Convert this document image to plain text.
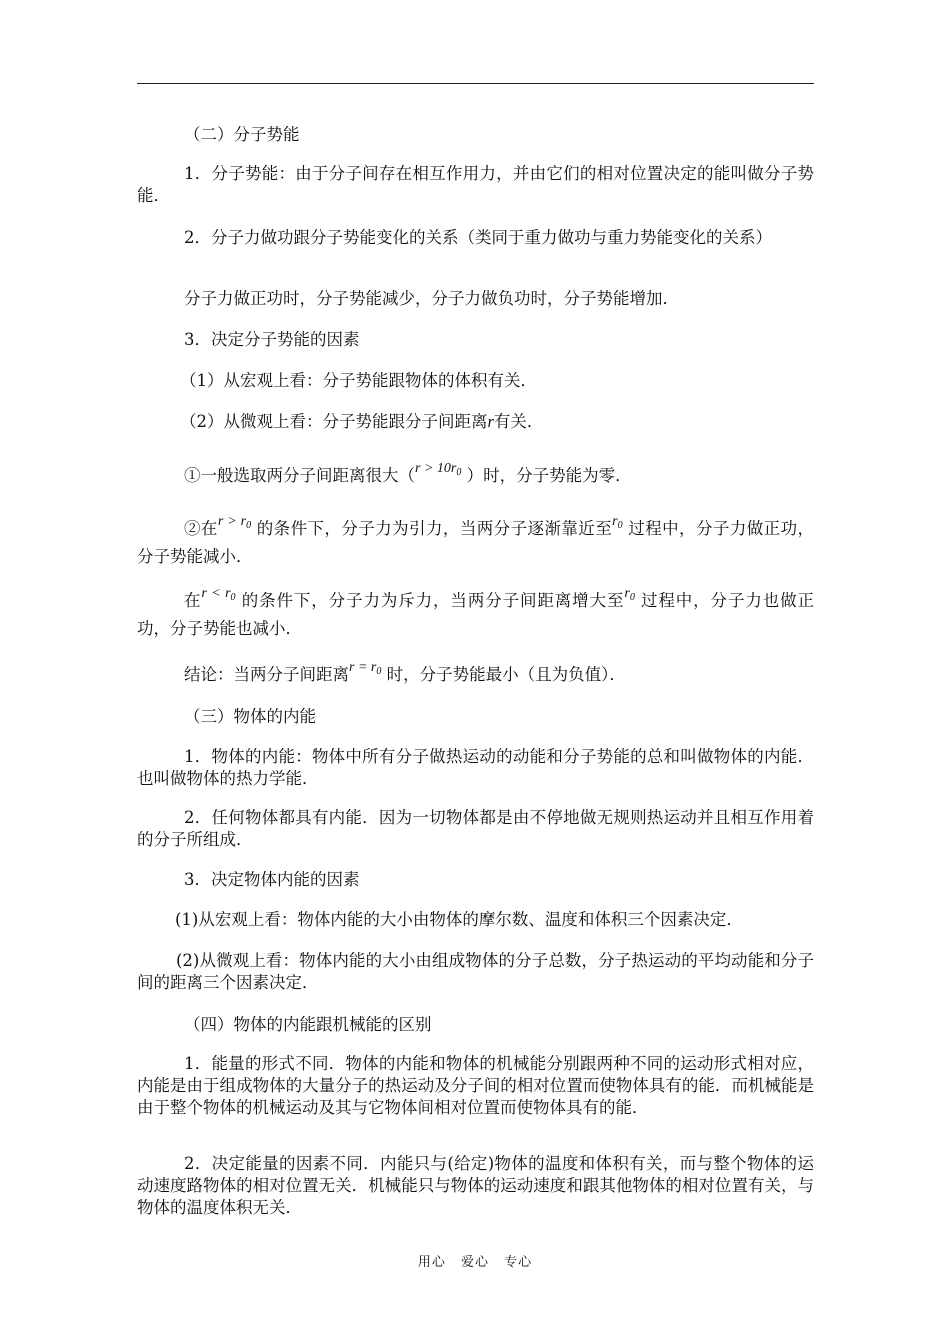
（二）分子势能
1．分子势能：由于分子间存在相互作用力，并由它们的相对位置决定的能叫做分子势能．
2．分子力做功跟分子势能变化的关系（类同于重力做功与重力势能变化的关系）
分子力做正功时，分子势能减少，分子力做负功时，分子势能增加．
3．决定分子势能的因素
（1）从宏观上看：分子势能跟物体的体积有关．
（2）从微观上看：分子势能跟分子间距离r有关．
①一般选取两分子间距离很大（$^{r > 10r_0}$ ）时，分子势能为零．
②在$^{r > r_0}$ 的条件下，分子力为引力，当两分子逐渐靠近至$^{r_0}$ 过程中，分子力做正功，分子势能减小．
在$^{r < r_0}$ 的条件下，分子力为斥力，当两分子间距离增大至$^{r_0}$ 过程中，分子力也做正功，分子势能也减小．
结论：当两分子间距离$^{r = r_0}$ 时，分子势能最小（且为负值）．
（三）物体的内能
1．物体的内能：物体中所有分子做热运动的动能和分子势能的总和叫做物体的内能．也叫做物体的热力学能．
2．任何物体都具有内能．因为一切物体都是由不停地做无规则热运动并且相互作用着的分子所组成．
3．决定物体内能的因素
(1)从宏观上看：物体内能的大小由物体的摩尔数、温度和体积三个因素决定．
(2)从微观上看：物体内能的大小由组成物体的分子总数，分子热运动的平均动能和分子间的距离三个因素决定．
（四）物体的内能跟机械能的区别
1．能量的形式不同．物体的内能和物体的机械能分别跟两种不同的运动形式相对应，内能是由于组成物体的大量分子的热运动及分子间的相对位置而使物体具有的能．而机械能是由于整个物体的机械运动及其与它物体间相对位置而使物体具有的能．
2．决定能量的因素不同．内能只与(给定)物体的温度和体积有关，而与整个物体的运动速度路物体的相对位置无关．机械能只与物体的运动速度和跟其他物体的相对位置有关，与物体的温度体积无关．
用心 爱心 专心
